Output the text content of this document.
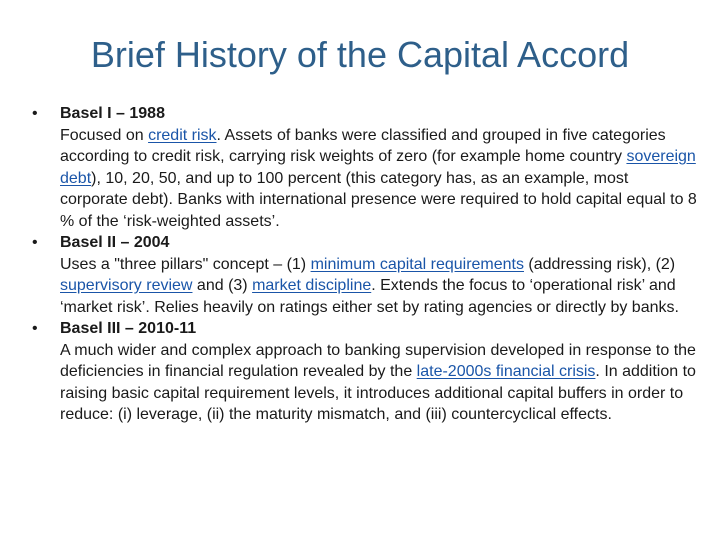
Brief History of the Capital Accord
•	Basel I – 1988
Focused on credit risk. Assets of banks were classified and grouped in five categories according to credit risk, carrying risk weights of zero (for example home country sovereign debt), 10, 20, 50, and up to 100 percent (this category has, as an example, most corporate debt). Banks with international presence were required to hold capital equal to 8 % of the ‘risk-weighted assets’.
•	Basel II – 2004
Uses a "three pillars" concept – (1) minimum capital requirements (addressing risk), (2) supervisory review and (3) market discipline. Extends the focus to ‘operational risk’ and ‘market risk’. Relies heavily on ratings either set by rating agencies or directly by banks.
•	Basel III – 2010-11
A much wider and complex approach to banking supervision developed in response to the deficiencies in financial regulation revealed by the late-2000s financial crisis. In addition to raising basic capital requirement levels, it introduces additional capital buffers in order to reduce: (i) leverage, (ii) the maturity mismatch, and (iii) countercyclical effects.
